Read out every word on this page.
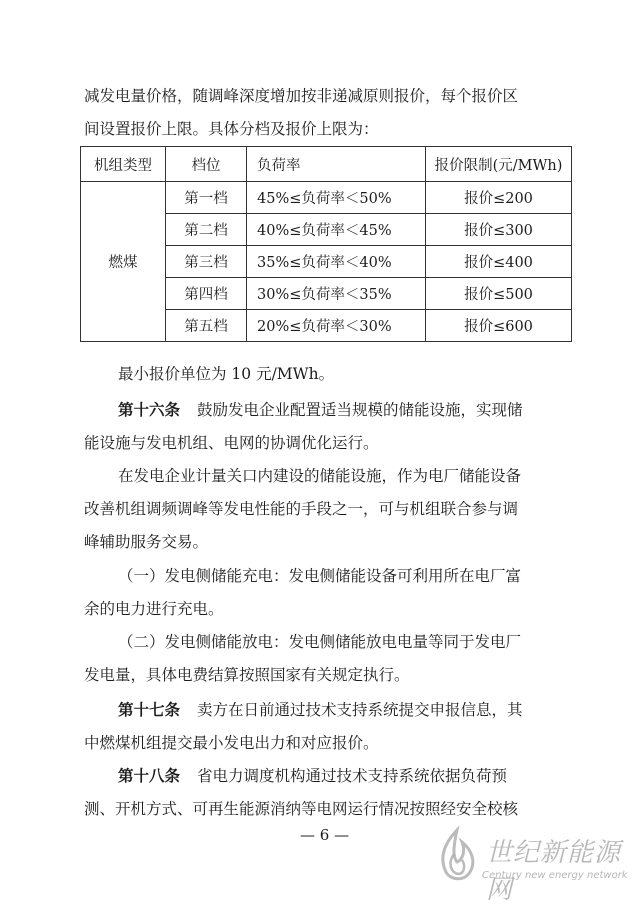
减发电量价格，随调峰深度增加按非递减原则报价，每个报价区
间设置报价上限。具体分档及报价上限为：
机组类型	档位	负荷率	报价限制(元/MWh)
燃煤	第一档	45%≤负荷率＜50%	报价≤200
	第二档	40%≤负荷率＜45%	报价≤300
	第三档	35%≤负荷率＜40%	报价≤400
	第四档	30%≤负荷率＜35%	报价≤500
	第五档	20%≤负荷率＜30%	报价≤600
最小报价单位为 10 元/MWh。
第十六条 鼓励发电企业配置适当规模的储能设施，实现储
能设施与发电机组、电网的协调优化运行。
在发电企业计量关口内建设的储能设施，作为电厂储能设备
改善机组调频调峰等发电性能的手段之一，可与机组联合参与调
峰辅助服务交易。
（一）发电侧储能充电：发电侧储能设备可利用所在电厂富
余的电力进行充电。
（二）发电侧储能放电：发电侧储能放电电量等同于发电厂
发电量，具体电费结算按照国家有关规定执行。
第十七条 卖方在日前通过技术支持系统提交申报信息，其
中燃煤机组提交最小发电出力和对应报价。
第十八条 省电力调度机构通过技术支持系统依据负荷预
测、开机方式、可再生能源消纳等电网运行情况按照经安全校核
— 6 —
世纪新能源网
Century new energy network
